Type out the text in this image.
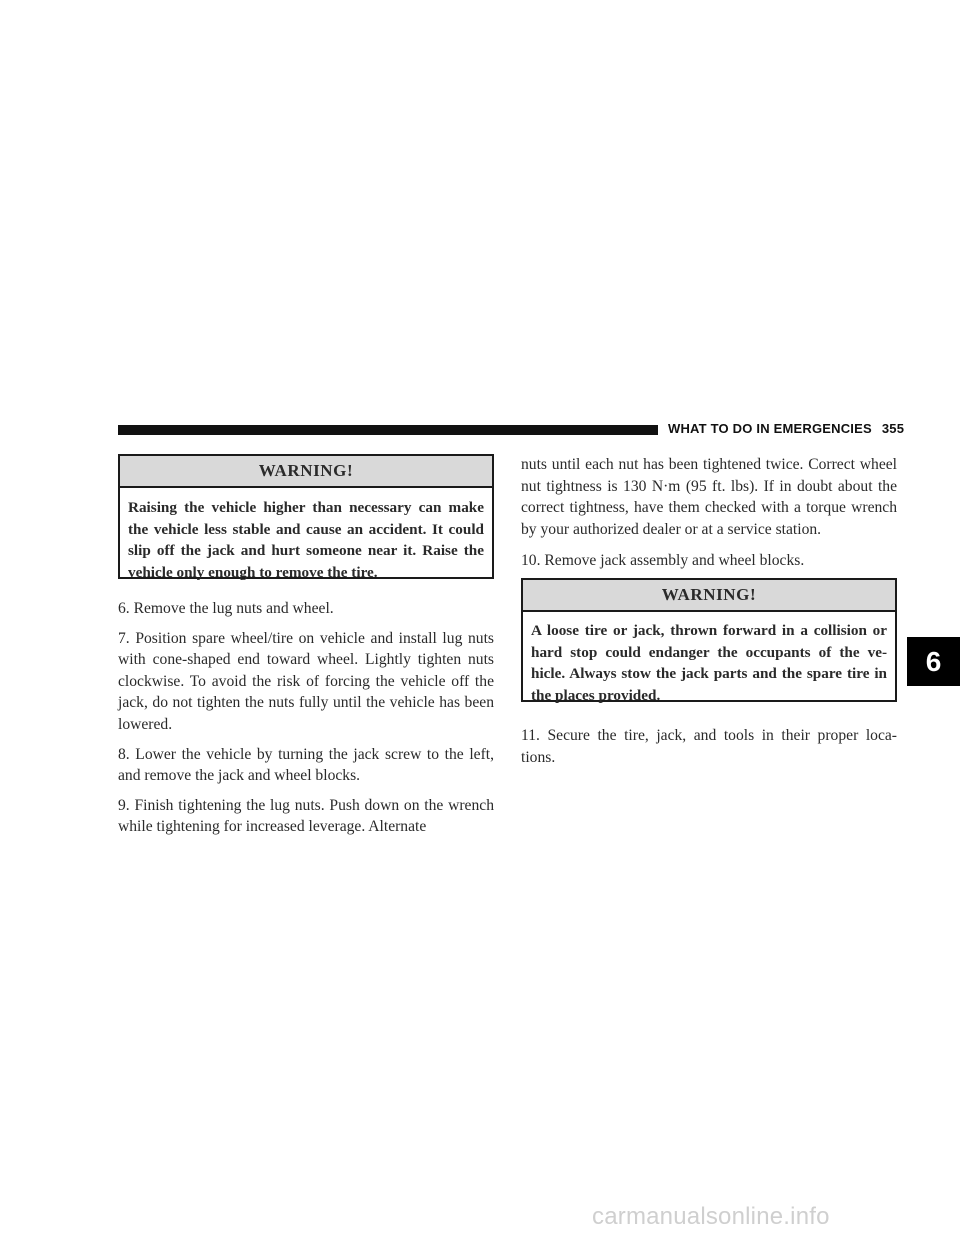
WHAT TO DO IN EMERGENCIES 355
WARNING!
Raising the vehicle higher than necessary can make the vehicle less stable and cause an accident. It could slip off the jack and hurt someone near it. Raise the vehicle only enough to remove the tire.

6. Remove the lug nuts and wheel.

7. Position spare wheel/tire on vehicle and install lug nuts with cone-shaped end toward wheel. Lightly tighten nuts clockwise. To avoid the risk of forcing the vehicle off the jack, do not tighten the nuts fully until the vehicle has been lowered.

8. Lower the vehicle by turning the jack screw to the left, and remove the jack and wheel blocks.

9. Finish tightening the lug nuts. Push down on the wrench while tightening for increased leverage. Alternate

nuts until each nut has been tightened twice. Correct wheel nut tightness is 130 N·m (95 ft. lbs). If in doubt about the correct tightness, have them checked with a torque wrench by your authorized dealer or at a service station.

10. Remove jack assembly and wheel blocks.

WARNING!
A loose tire or jack, thrown forward in a collision or hard stop could endanger the occupants of the ve- hicle. Always stow the jack parts and the spare tire in the places provided.

11. Secure the tire, jack, and tools in their proper loca- tions.

6
carmanualsonline.info
